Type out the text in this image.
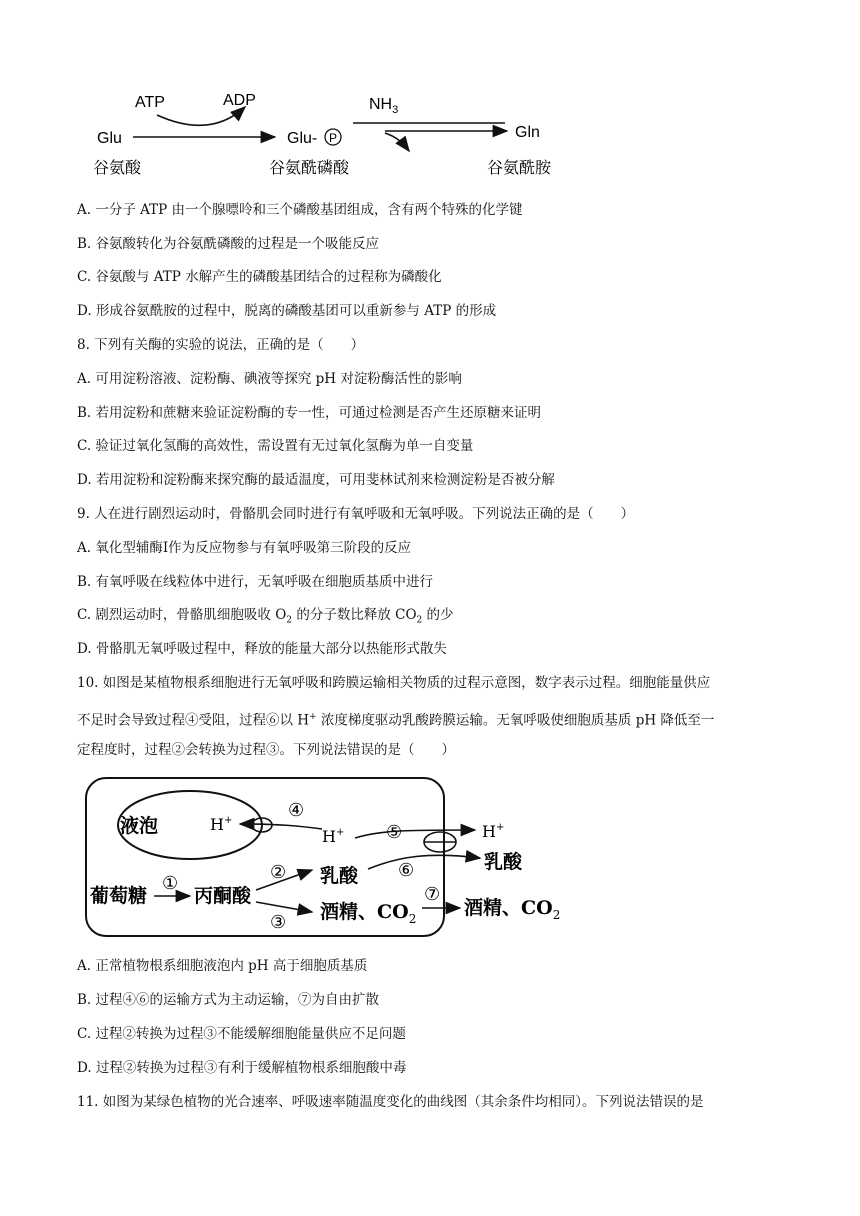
ATP	ADP
Glu
谷氨酸
Glu- P
谷氨酰磷酸
$NH_3$
Gln
谷氨酰胺
A. 一分子 ATP 由一个腺嘌呤和三个磷酸基团组成，含有两个特殊的化学键
B. 谷氨酸转化为谷氨酰磷酸的过程是一个吸能反应
C. 谷氨酸与 ATP 水解产生的磷酸基团结合的过程称为磷酸化
D. 形成谷氨酰胺的过程中，脱离的磷酸基团可以重新参与 ATP 的形成
8. 下列有关酶的实验的说法，正确的是（　　）
A. 可用淀粉溶液、淀粉酶、碘液等探究 pH 对淀粉酶活性的影响
B. 若用淀粉和蔗糖来验证淀粉酶的专一性，可通过检测是否产生还原糖来证明
C. 验证过氧化氢酶的高效性，需设置有无过氧化氢酶为单一自变量
D. 若用淀粉和淀粉酶来探究酶的最适温度，可用斐林试剂来检测淀粉是否被分解
9. 人在进行剧烈运动时，骨骼肌会同时进行有氧呼吸和无氧呼吸。下列说法正确的是（　　）
A. 氧化型辅酶Ⅰ作为反应物参与有氧呼吸第三阶段的反应
B. 有氧呼吸在线粒体中进行，无氧呼吸在细胞质基质中进行
C. 剧烈运动时，骨骼肌细胞吸收 $O_2$ 的分子数比释放 $CO_2$ 的少
D. 骨骼肌无氧呼吸过程中，释放的能量大部分以热能形式散失
10. 如图是某植物根系细胞进行无氧呼吸和跨膜运输相关物质的过程示意图，数字表示过程。细胞能量供应
不足时会导致过程④受阻，过程⑥以 H+ 浓度梯度驱动乳酸跨膜运输。无氧呼吸使细胞质基质 pH 降低至一
定程度时，过程②会转换为过程③。下列说法错误的是（　　）
液泡	H+	④
H+ ⑤	H+
⑥	乳酸
葡萄糖
①
丙酮酸
②
③
乳酸
酒精、$CO_2$
⑦
酒精、$CO_2$
A. 正常植物根系细胞液泡内 pH 高于细胞质基质
B. 过程④⑥的运输方式为主动运输，⑦为自由扩散
C. 过程②转换为过程③不能缓解细胞能量供应不足问题
D. 过程②转换为过程③有利于缓解植物根系细胞酸中毒
11. 如图为某绿色植物的光合速率、呼吸速率随温度变化的曲线图（其余条件均相同）。下列说法错误的是
